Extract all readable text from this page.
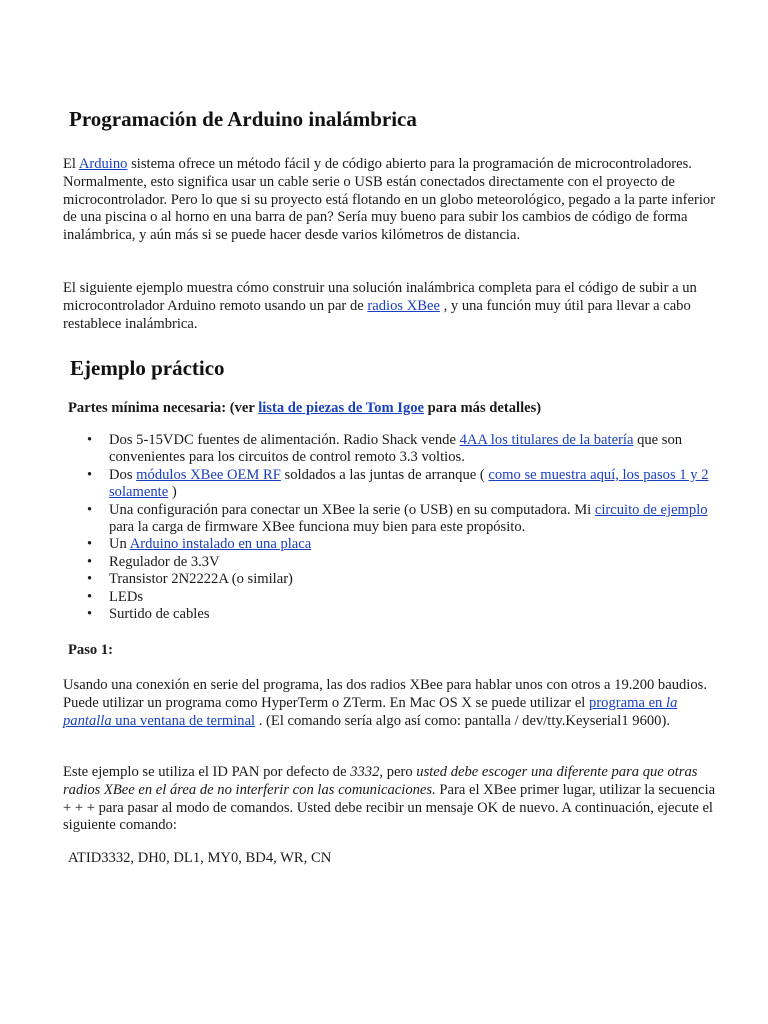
Programación de Arduino inalámbrica
El Arduino sistema ofrece un método fácil y de código abierto para la programación de microcontroladores. Normalmente, esto significa usar un cable serie o USB están conectados directamente con el proyecto de microcontrolador. Pero lo que si su proyecto está flotando en un globo meteorológico, pegado a la parte inferior de una piscina o al horno en una barra de pan? Sería muy bueno para subir los cambios de código de forma inalámbrica, y aún más si se puede hacer desde varios kilómetros de distancia.
El siguiente ejemplo muestra cómo construir una solución inalámbrica completa para el código de subir a un microcontrolador Arduino remoto usando un par de radios XBee , y una función muy útil para llevar a cabo restablece inalámbrica.
Ejemplo práctico
Partes mínima necesaria: (ver lista de piezas de Tom Igoe para más detalles)
• Dos 5-15VDC fuentes de alimentación. Radio Shack vende 4AA los titulares de la batería que son convenientes para los circuitos de control remoto 3.3 voltios.
• Dos módulos XBee OEM RF soldados a las juntas de arranque ( como se muestra aquí, los pasos 1 y 2 solamente )
• Una configuración para conectar un XBee la serie (o USB) en su computadora. Mi circuito de ejemplo para la carga de firmware XBee funciona muy bien para este propósito.
• Un Arduino instalado en una placa
• Regulador de 3.3V
• Transistor 2N2222A (o similar)
• LEDs
• Surtido de cables
Paso 1:
Usando una conexión en serie del programa, las dos radios XBee para hablar unos con otros a 19.200 baudios. Puede utilizar un programa como HyperTerm o ZTerm. En Mac OS X se puede utilizar el programa en la pantalla una ventana de terminal . (El comando sería algo así como: pantalla / dev/tty.Keyserial1 9600).
Este ejemplo se utiliza el ID PAN por defecto de 3332, pero usted debe escoger una diferente para que otras radios XBee en el área de no interferir con las comunicaciones. Para el XBee primer lugar, utilizar la secuencia + + + para pasar al modo de comandos. Usted debe recibir un mensaje OK de nuevo. A continuación, ejecute el siguiente comando:
ATID3332, DH0, DL1, MY0, BD4, WR, CN
